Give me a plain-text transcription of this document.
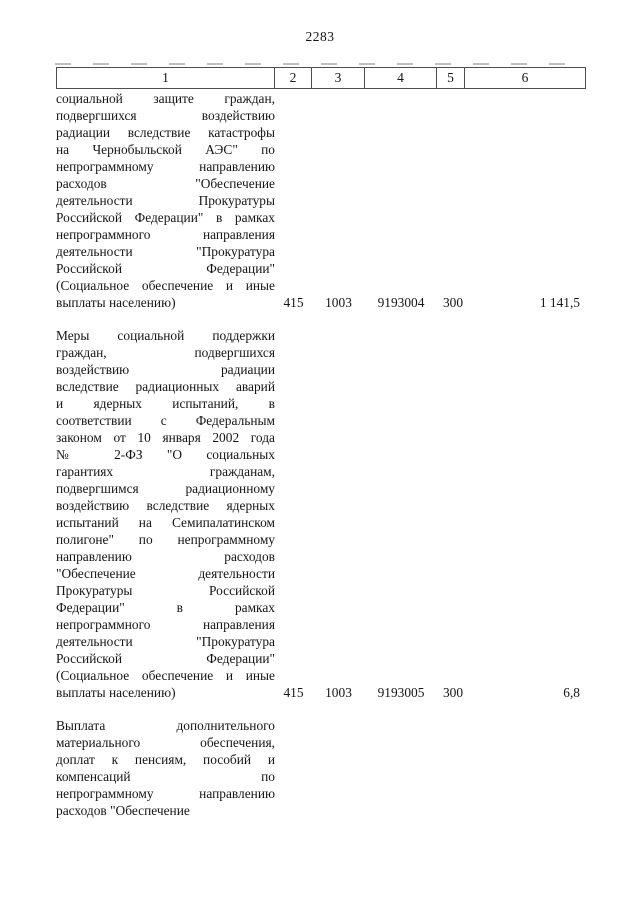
2283
1	2	3	4	5	6
социальной защите граждан,
подвергшихся воздействию
радиации вследствие катастрофы
на Чернобыльской АЭС" по
непрограммному направлению
расходов "Обеспечение
деятельности Прокуратуры
Российской Федерации" в рамках
непрограммного направления
деятельности "Прокуратура
Российской Федерации"
(Социальное обеспечение и иные
выплаты населению)	415	1003	9193004	300	1 141,5
Меры социальной поддержки
граждан, подвергшихся
воздействию радиации
вследствие радиационных аварий
и ядерных испытаний, в
соответствии с Федеральным
законом от 10 января 2002 года
№ 2-ФЗ "О социальных
гарантиях гражданам,
подвергшимся радиационному
воздействию вследствие ядерных
испытаний на Семипалатинском
полигоне" по непрограммному
направлению расходов
"Обеспечение деятельности
Прокуратуры Российской
Федерации" в рамках
непрограммного направления
деятельности "Прокуратура
Российской Федерации"
(Социальное обеспечение и иные
выплаты населению)	415	1003	9193005	300	6,8
Выплата дополнительного
материального обеспечения,
доплат к пенсиям, пособий и
компенсаций по
непрограммному направлению
расходов "Обеспечение
